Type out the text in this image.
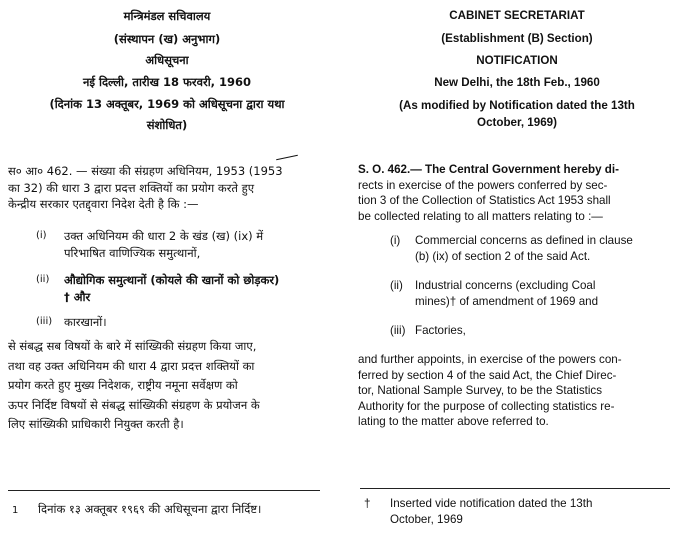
मन्त्रिमंडल सचिवालय
(संस्थापन (ख) अनुभाग)
अधिसूचना
नई दिल्ली, तारीख 18 फरवरी, 1960
(दिनांक 13 अक्तूबर, 1969 को अधिसूचना द्वारा यथा
संशोधित)
स० आ० 462. — संख्या की संग्रहण अधिनियम, 1953 (1953
का 32) की धारा 3 द्वारा प्रदत्त शक्तियों का प्रयोग करते हुए
केन्द्रीय सरकार एतद्द्वारा निदेश देती है कि :—
(i) उक्त अधिनियम की धारा 2 के खंड (ख) (ix) में
परिभाषित वाणिज्यिक समुत्थानों,
(ii) औद्योगिक समुत्थानों (कोयले की खानों को छोड़कर)
† और
(iii) कारखानों।
से संबद्ध सब विषयों के बारे में सांख्यिकी संग्रहण किया जाए,
तथा वह उक्त अधिनियम की धारा 4 द्वारा प्रदत्त शक्तियों का
प्रयोग करते हुए मुख्य निदेशक, राष्ट्रीय नमूना सर्वेक्षण को
ऊपर निर्दिष्ट विषयों से संबद्ध सांख्यिकी संग्रहण के प्रयोजन के
लिए सांख्यिकी प्राधिकारी नियुक्त करती है।
1 दिनांक १३ अक्तूबर १९६९ की अधिसूचना द्वारा निर्दिष्ट।
CABINET SECRETARIAT
(Establishment (B) Section)
NOTIFICATION
New Delhi, the 18th Feb., 1960
(As modified by Notification dated the 13th
October, 1969)
S. O. 462.— The Central Government hereby di-
rects in exercise of the powers conferred by sec-
tion 3 of the Collection of Statistics Act 1953 shall
be collected relating to all matters relating to :—
(i) Commercial concerns as defined in clause
(b) (ix) of section 2 of the said Act.
(ii) Industrial concerns (excluding Coal
mines)† of amendment of 1969 and
(iii) Factories,
and further appoints, in exercise of the powers con-
ferred by section 4 of the said Act, the Chief Direc-
tor, National Sample Survey, to be the Statistics
Authority for the purpose of collecting statistics re-
lating to the matter above referred to.
† Inserted vide notification dated the 13th
October, 1969
